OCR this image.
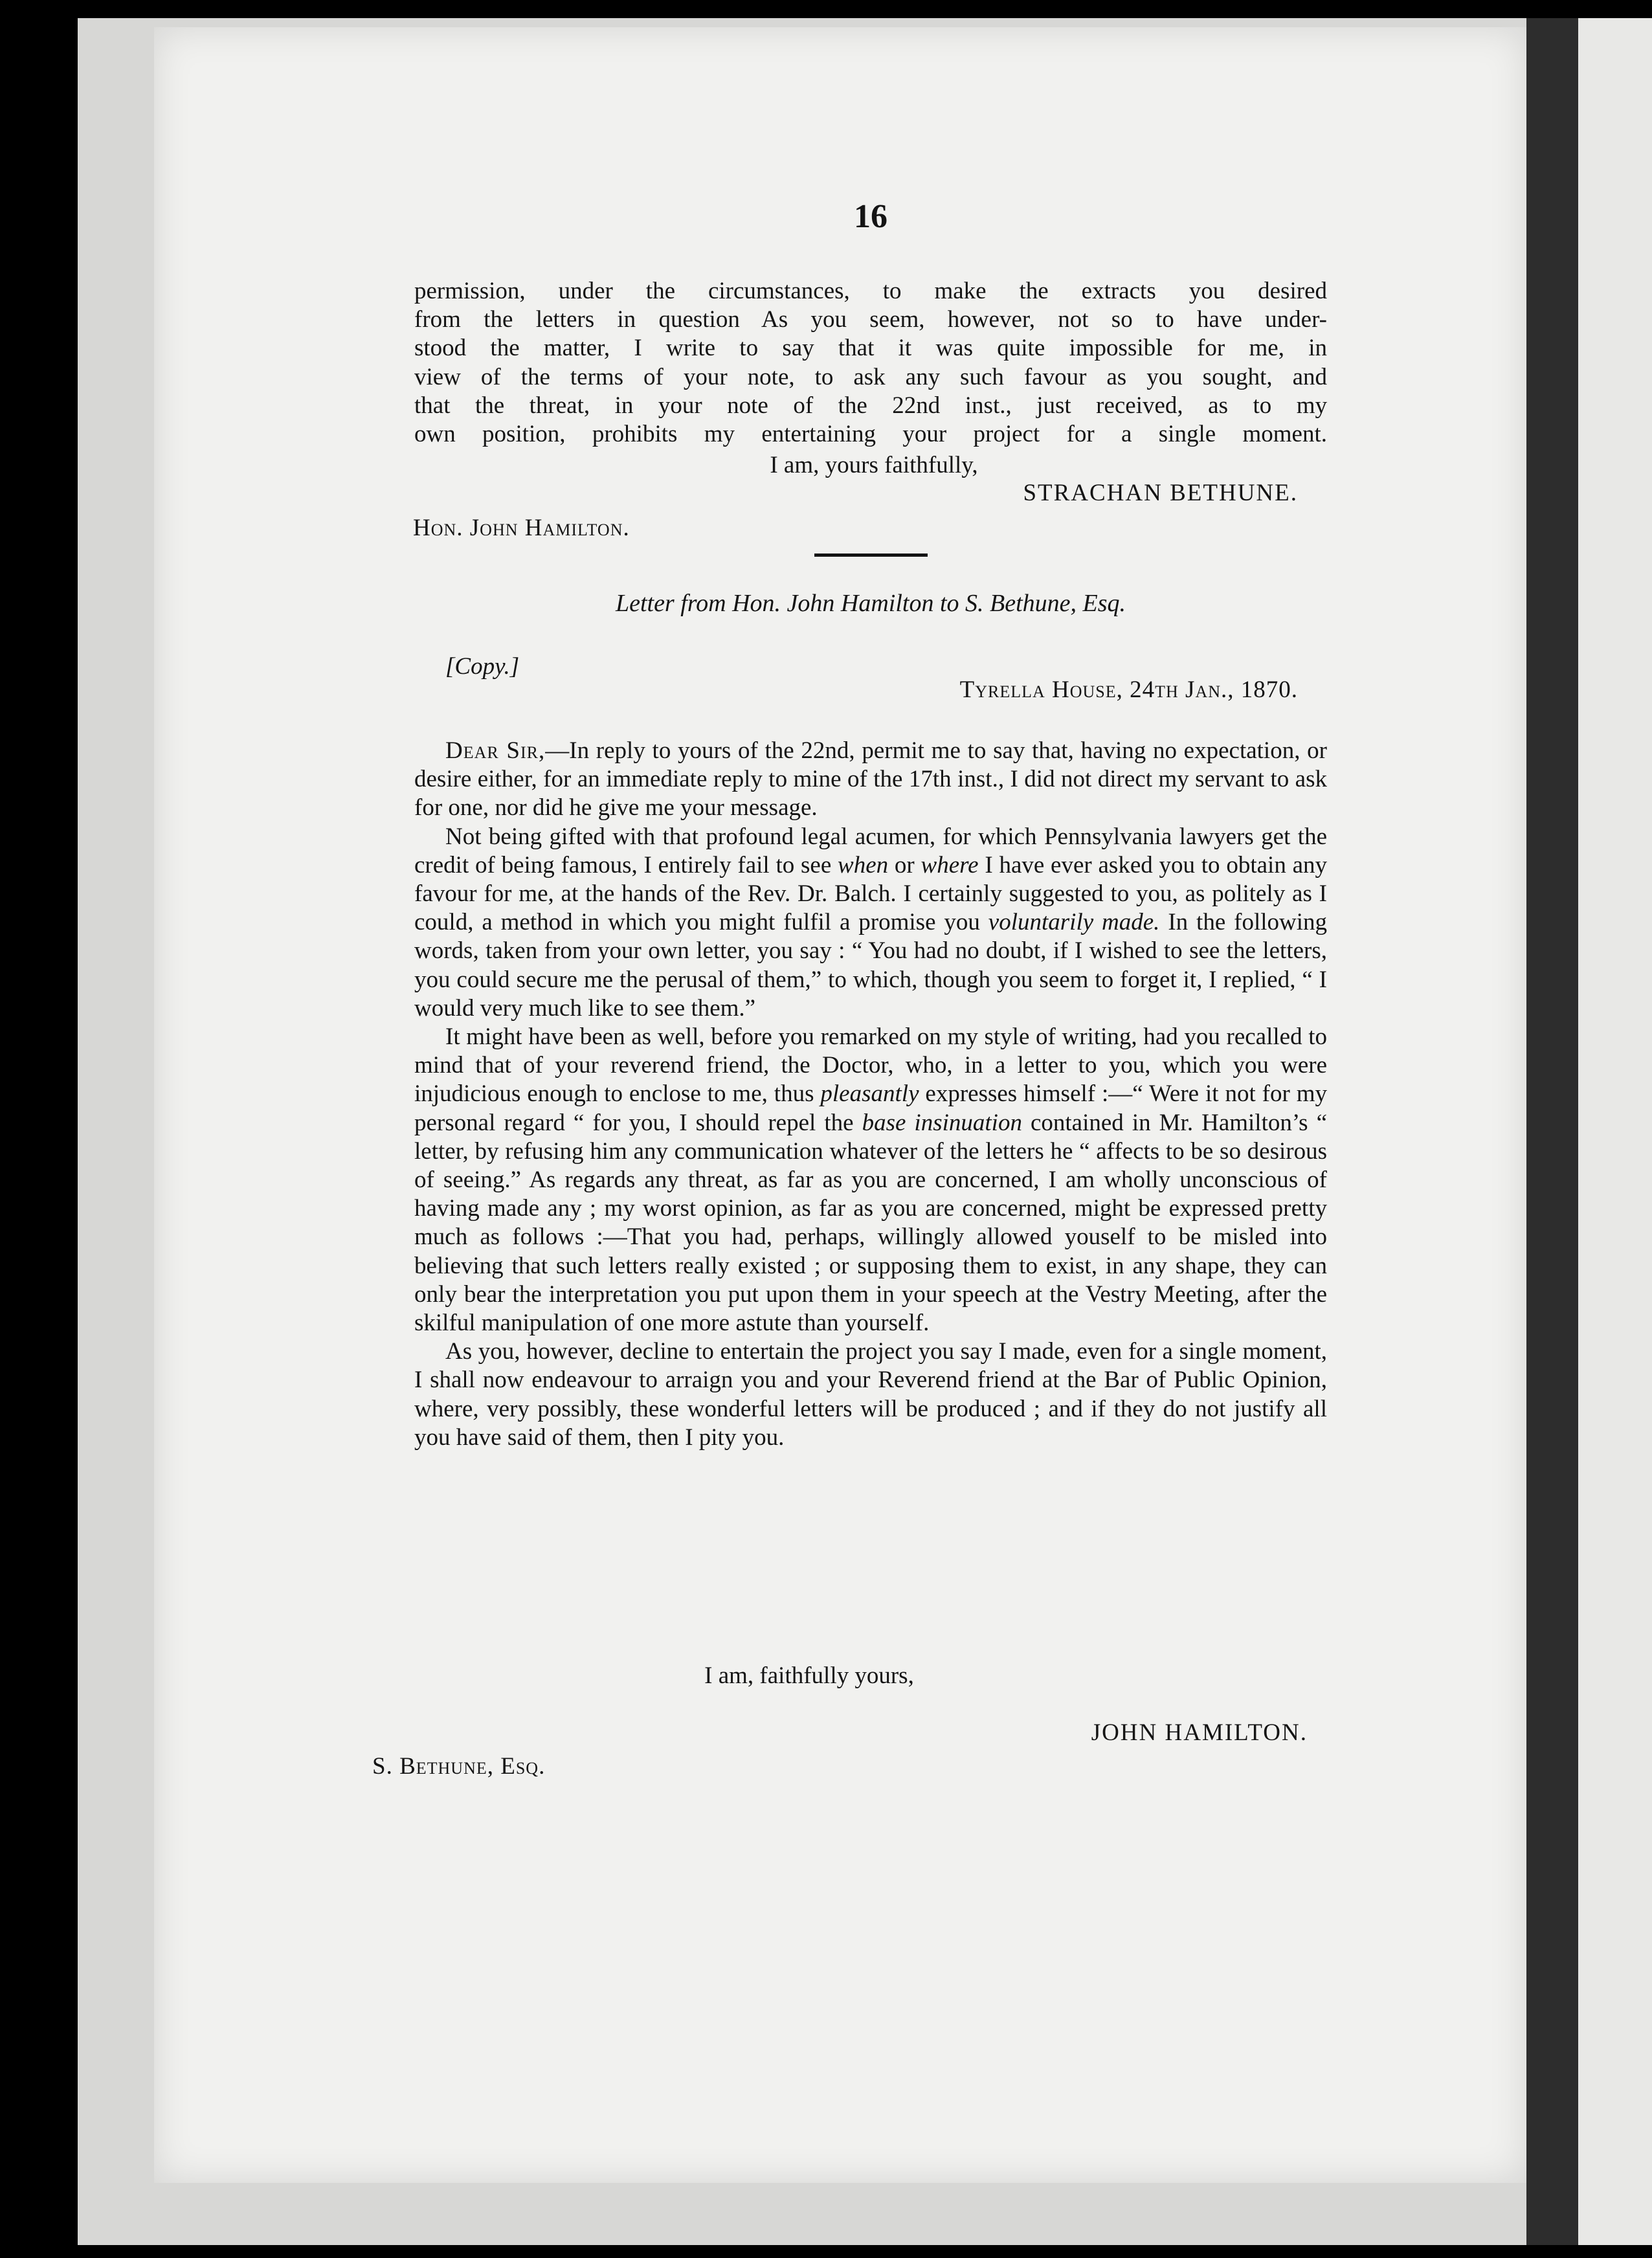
16

permission, under the circumstances, to make the extracts you desired

from the letters in question As you seem, however, not so to have under-

stood the matter, I write to say that it was quite impossible for me, in

view of the terms of your note, to ask any such favour as you sought, and

that the threat, in your note of the 22nd inst., just received, as to my

own position, prohibits my entertaining your project for a single moment.

I am, yours faithfully,
STRACHAN BETHUNE.
Hon. John Hamilton.
Letter from Hon. John Hamilton to S. Bethune, Esq.
[Copy.]
Tyrella House, 24th Jan., 1870.

Dear Sir,—In reply to yours of the 22nd, permit me to say that, having no expectation, or desire either, for an immediate reply to mine of the 17th inst., I did not direct my servant to ask for one, nor did he give me your message.

Not being gifted with that profound legal acumen, for which Pennsylvania lawyers get the credit of being famous, I entirely fail to see when or where I have ever asked you to obtain any favour for me, at the hands of the Rev. Dr. Balch. I certainly suggested to you, as politely as I could, a method in which you might fulfil a promise you voluntarily made. In the following words, taken from your own letter, you say : “ You had no doubt, if I wished to see the letters, you could secure me the perusal of them,” to which, though you seem to forget it, I replied, “ I would very much like to see them.”

It might have been as well, before you remarked on my style of writing, had you recalled to mind that of your reverend friend, the Doctor, who, in a letter to you, which you were injudicious enough to enclose to me, thus pleasantly expresses himself :—“ Were it not for my personal regard “ for you, I should repel the base insinuation contained in Mr. Hamilton’s “ letter, by refusing him any communication whatever of the letters he “ affects to be so desirous of seeing.” As regards any threat, as far as you are concerned, I am wholly unconscious of having made any ; my worst opinion, as far as you are concerned, might be expressed pretty much as follows :—That you had, perhaps, willingly allowed youself to be misled into believing that such letters really existed ; or supposing them to exist, in any shape, they can only bear the interpretation you put upon them in your speech at the Vestry Meeting, after the skilful manipulation of one more astute than yourself.

As you, however, decline to entertain the project you say I made, even for a single moment, I shall now endeavour to arraign you and your Reverend friend at the Bar of Public Opinion, where, very possibly, these wonderful letters will be produced ; and if they do not justify all you have said of them, then I pity you.

I am, faithfully yours,
JOHN HAMILTON.
S. Bethune, Esq.
